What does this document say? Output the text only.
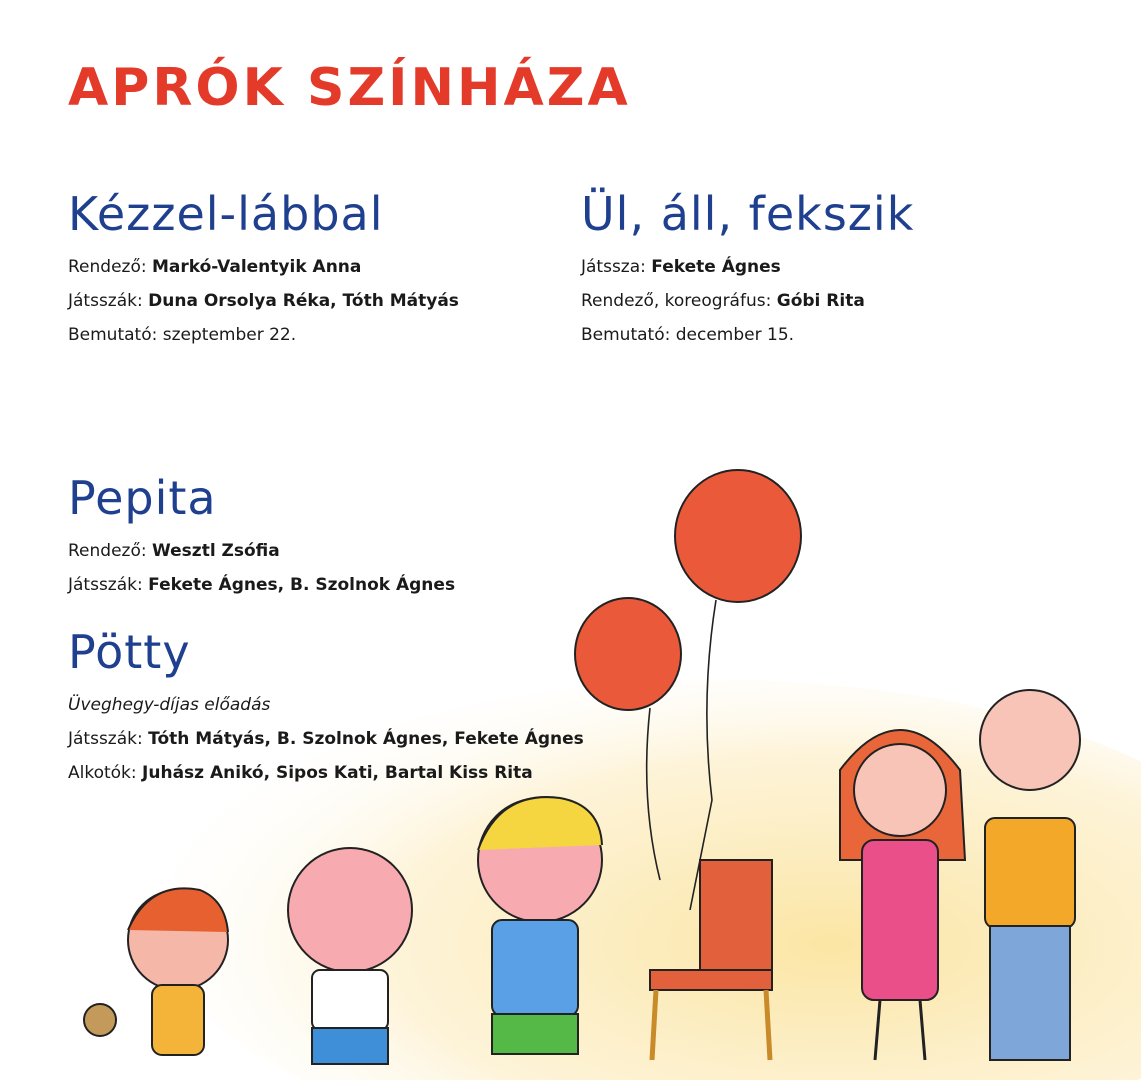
APRÓK SZÍNHÁZA
Kézzel-lábbal
Rendező: Markó-Valentyik Anna
Játsszák: Duna Orsolya Réka, Tóth Mátyás
Bemutató: szeptember 22.
Ül, áll, fekszik
Játssza: Fekete Ágnes
Rendező, koreográfus: Góbi Rita
Bemutató: december 15.
Pepita
Rendező: Wesztl Zsófia
Játsszák: Fekete Ágnes, B. Szolnok Ágnes
Pötty
Üveghegy-díjas előadás
Játsszák: Tóth Mátyás, B. Szolnok Ágnes, Fekete Ágnes
Alkotók: Juhász Anikó, Sipos Kati, Bartal Kiss Rita
